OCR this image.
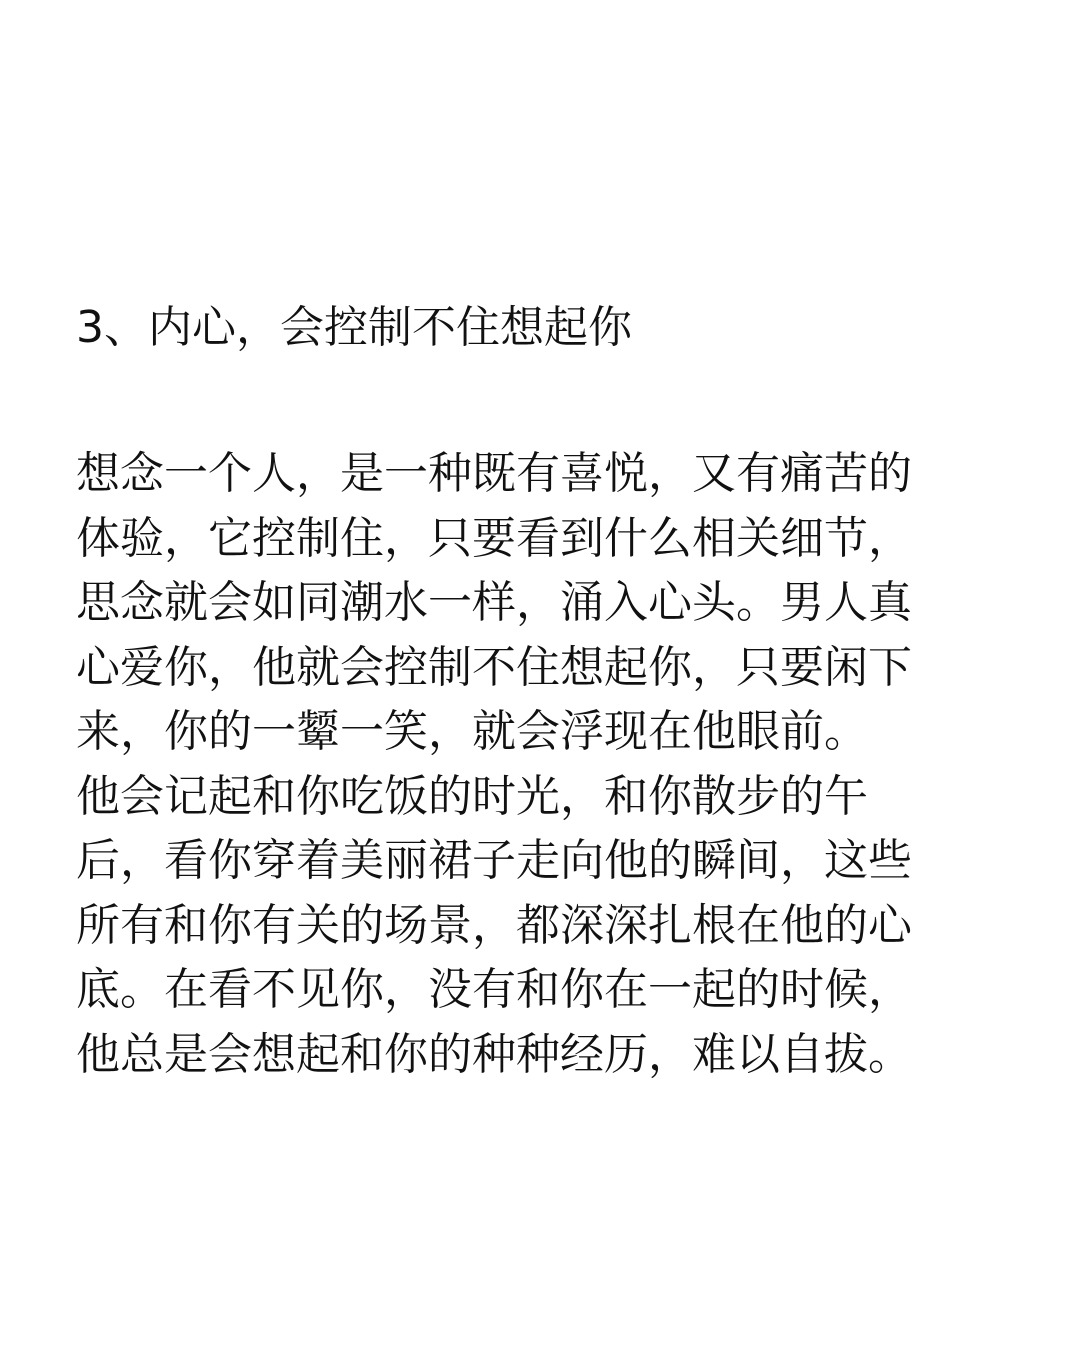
3、内心，会控制不住想起你
想念一个人，是一种既有喜悦，又有痛苦的
体验，它控制住，只要看到什么相关细节，
思念就会如同潮水一样，涌入心头。男人真
心爱你，他就会控制不住想起你，只要闲下
来，你的一颦一笑，就会浮现在他眼前。
他会记起和你吃饭的时光，和你散步的午
后，看你穿着美丽裙子走向他的瞬间，这些
所有和你有关的场景，都深深扎根在他的心
底。在看不见你，没有和你在一起的时候，
他总是会想起和你的种种经历，难以自拔。
